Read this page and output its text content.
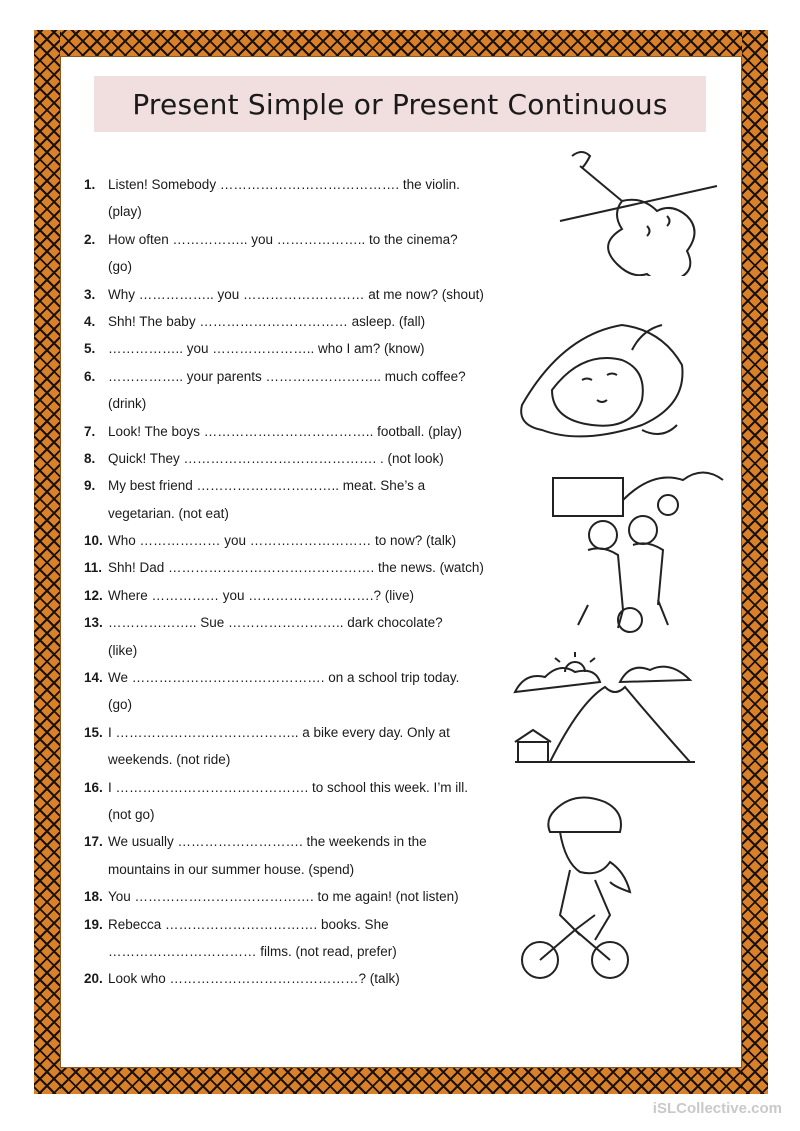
Present Simple or Present Continuous
1. Listen! Somebody …………………………………. the violin.
(play)
2. How often …………….. you ……………….. to the cinema?
(go)
3. Why …………….. you ……………………… at me now? (shout)
4. Shh! The baby …………………………… asleep. (fall)
5. …………….. you ………………….. who I am? (know)
6. …………….. your parents …………………….. much coffee?
(drink)
7. Look! The boys ……………………………….. football. (play)
8. Quick! They ……………………………………. . (not look)
9. My best friend ………………………….. meat. She’s a
vegetarian. (not eat)
10. Who ……………… you ……………………… to now? (talk)
11. Shh! Dad ………………………………………. the news. (watch)
12. Where …………… you ……………………….? (live)
13. ……………….. Sue …………………….. dark chocolate?
(like)
14. We ……………………………………. on a school trip today.
(go)
15. I ………………………………….. a bike every day. Only at
weekends. (not ride)
16. I ……………………………………. to school this week. I’m ill.
(not go)
17. We usually ………………………. the weekends in the
mountains in our summer house. (spend)
18. You …………………………………. to me again! (not listen)
19. Rebecca ……………………………. books. She
…………………………… films. (not read, prefer)
20. Look who ……………………………………? (talk)
iSLCollective.com
